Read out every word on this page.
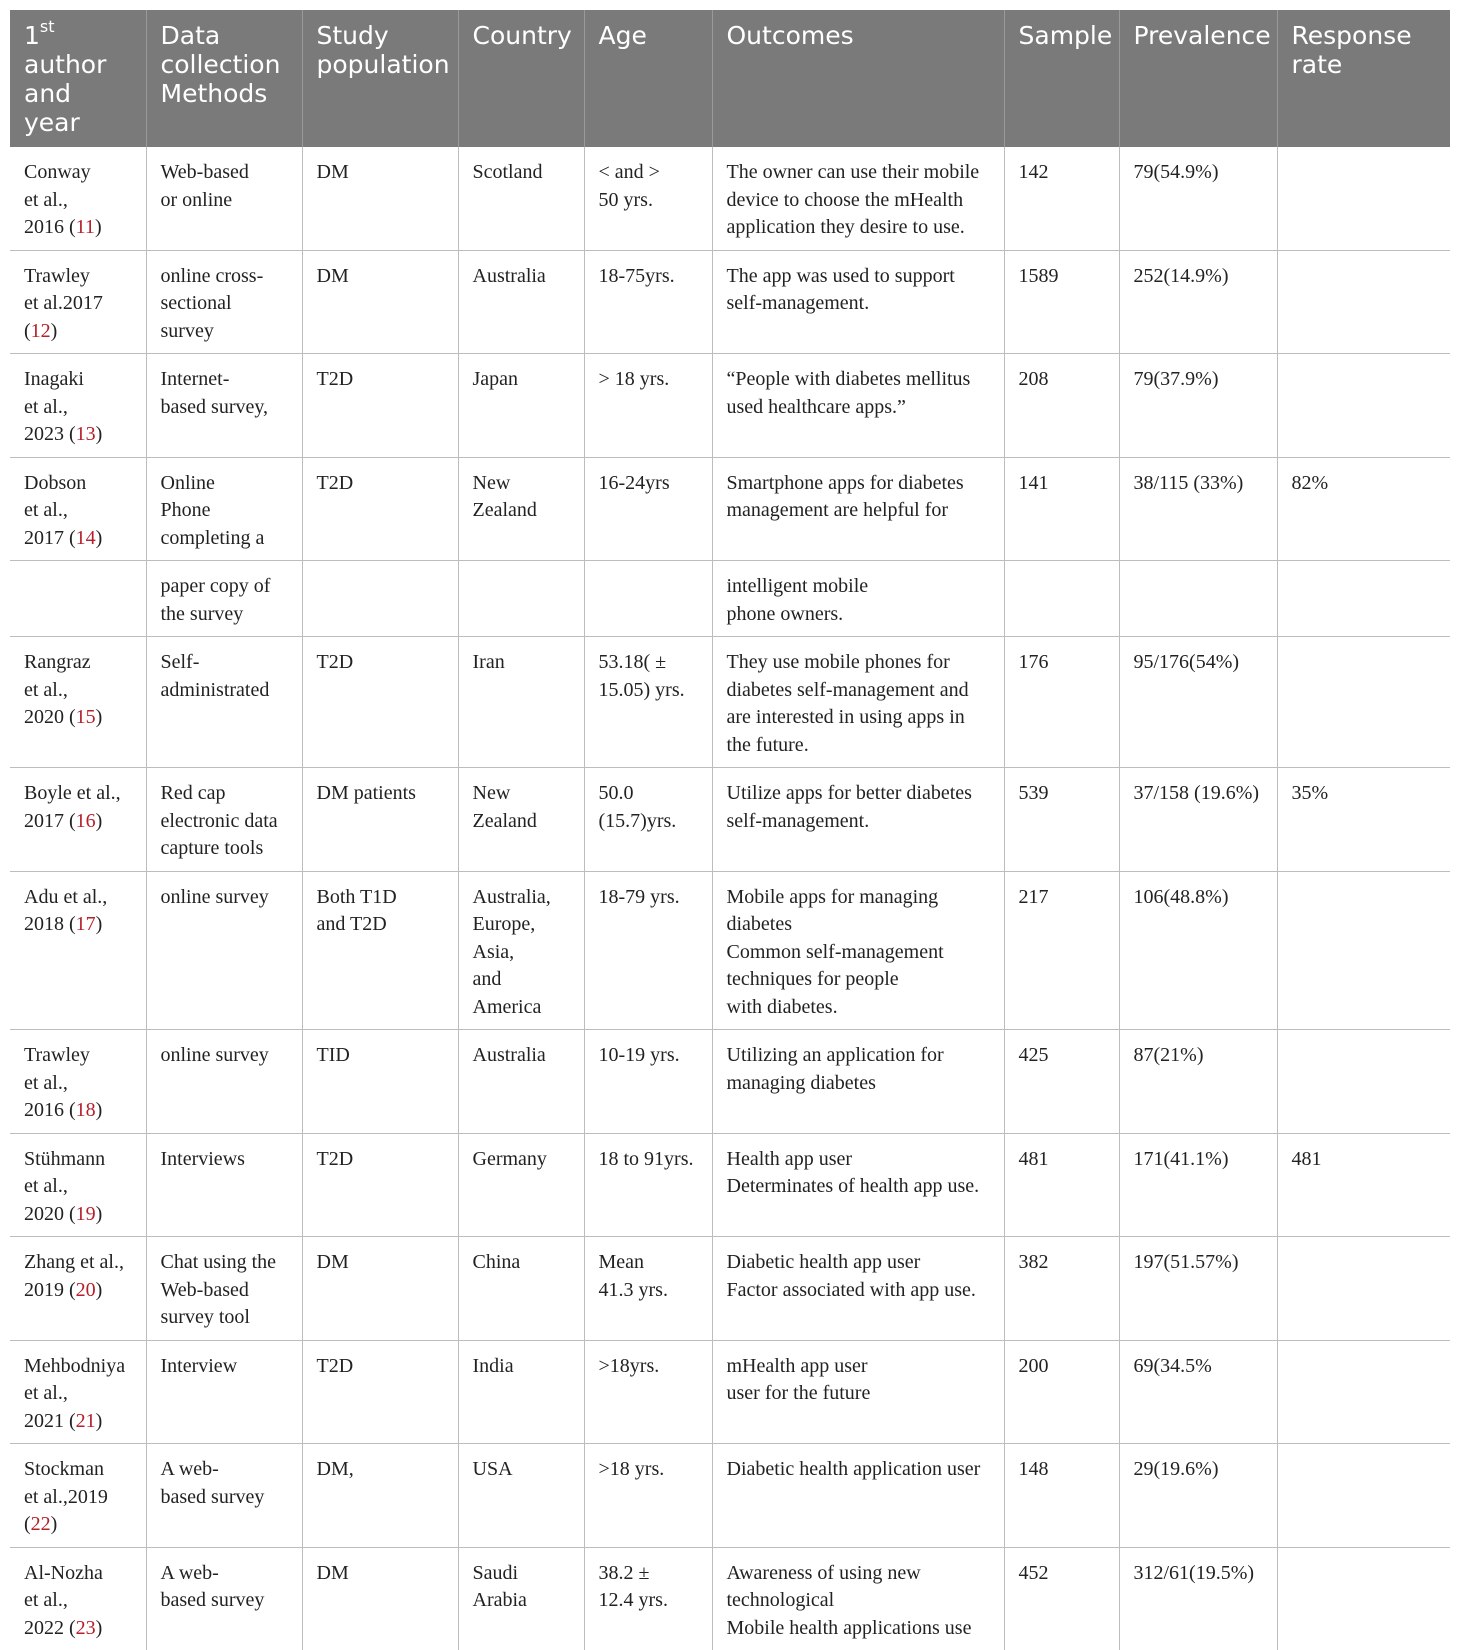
1st
author
and year	Data
collection
Methods	Study
population	Country	Age	Outcomes	Sample	Prevalence	Response
rate

Conway
et al.,
2016 (11)	Web-based
or online	DM	Scotland	< and >
50 yrs.	The owner can use their mobile
device to choose the mHealth
application they desire to use.	142	79(54.9%)	

Trawley
et al.2017
(12)	online cross-
sectional survey	DM	Australia	18-75yrs.	The app was used to support
self-management.	1589	252(14.9%)	

Inagaki
et al.,
2023 (13)	Internet-
based survey,	T2D	Japan	> 18 yrs.	“People with diabetes mellitus
used healthcare apps.”	208	79(37.9%)	

Dobson
et al.,
2017 (14)	Online
Phone
completing a	T2D	New
Zealand	16-24yrs	Smartphone apps for diabetes
management are helpful for	141	38/115 (33%)	82%
	paper copy of
the survey				intelligent mobile
phone owners.			

Rangraz
et al.,
2020 (15)	Self-
administrated	T2D	Iran	53.18( ±
15.05) yrs.	They use mobile phones for
diabetes self-management and
are interested in using apps in
the future.	176	95/176(54%)	

Boyle et al.,
2017 (16)	Red cap
electronic data
capture tools	DM patients	New
Zealand	50.0
(15.7)yrs.	Utilize apps for better diabetes
self-management.	539	37/158 (19.6%)	35%

Adu et al.,
2018 (17)	online survey	Both T1D
and T2D	Australia,
Europe,
Asia,
and
America	18-79 yrs.	Mobile apps for managing
diabetes
Common self-management
techniques for people
with diabetes.	217	106(48.8%)	

Trawley
et al.,
2016 (18)	online survey	TID	Australia	10-19 yrs.	Utilizing an application for
managing diabetes	425	87(21%)	

Stühmann
et al.,
2020 (19)	Interviews	T2D	Germany	18 to 91yrs.	Health app user
Determinates of health app use.	481	171(41.1%)	481

Zhang et al.,
2019 (20)	Chat using the
Web-based
survey tool	DM	China	Mean
41.3 yrs.	Diabetic health app user
Factor associated with app use.	382	197(51.57%)	

Mehbodniya
et al.,
2021 (21)	Interview	T2D	India	>18yrs.	mHealth app user
user for the future	200	69(34.5%	

Stockman
et al.,2019
(22)	A web-
based survey	DM,	USA	>18 yrs.	Diabetic health application user	148	29(19.6%)	

Al-Nozha
et al.,
2022 (23)	A web-
based survey	DM	Saudi
Arabia	38.2 ±
12.4 yrs.	Awareness of using new
technological
Mobile health applications use	452	312/61(19.5%)	
